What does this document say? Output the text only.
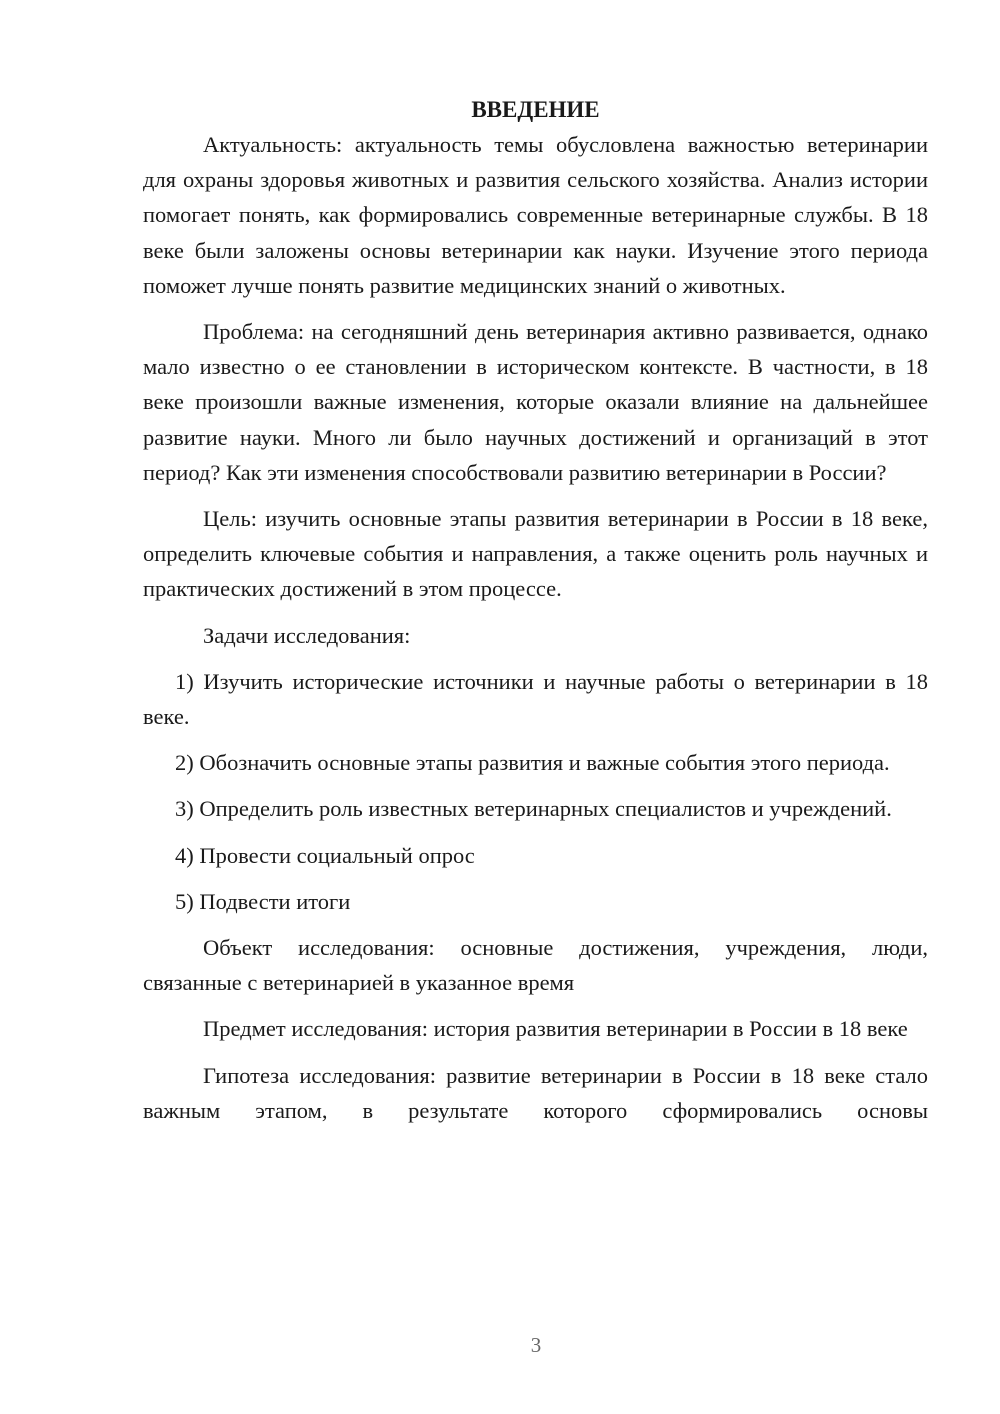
ВВЕДЕНИЕ

Актуальность: актуальность темы обусловлена важностью ветеринарии для охраны здоровья животных и развития сельского хозяйства. Анализ истории помогает понять, как формировались современные ветеринарные службы. В 18 веке были заложены основы ветеринарии как науки. Изучение этого периода поможет лучше понять развитие медицинских знаний о животных.

Проблема: на сегодняшний день ветеринария активно развивается, однако мало известно о ее становлении в историческом контексте. В частности, в 18 веке произошли важные изменения, которые оказали влияние на дальнейшее развитие науки. Много ли было научных достижений и организаций в этот период? Как эти изменения способствовали развитию ветеринарии в России?

Цель: изучить основные этапы развития ветеринарии в России в 18 веке, определить ключевые события и направления, а также оценить роль научных и практических достижений в этом процессе.

Задачи исследования:

1) Изучить исторические источники и научные работы о ветеринарии в 18 веке.

2) Обозначить основные этапы развития и важные события этого периода.

3) Определить роль известных ветеринарных специалистов и учреждений.

4) Провести социальный опрос

5) Подвести итоги

Объект исследования: основные достижения, учреждения, люди, связанные с ветеринарией в указанное время

Предмет исследования: история развития ветеринарии в России в 18 веке

Гипотеза исследования: развитие ветеринарии в России в 18 веке стало важным этапом, в результате которого сформировались основы

3
